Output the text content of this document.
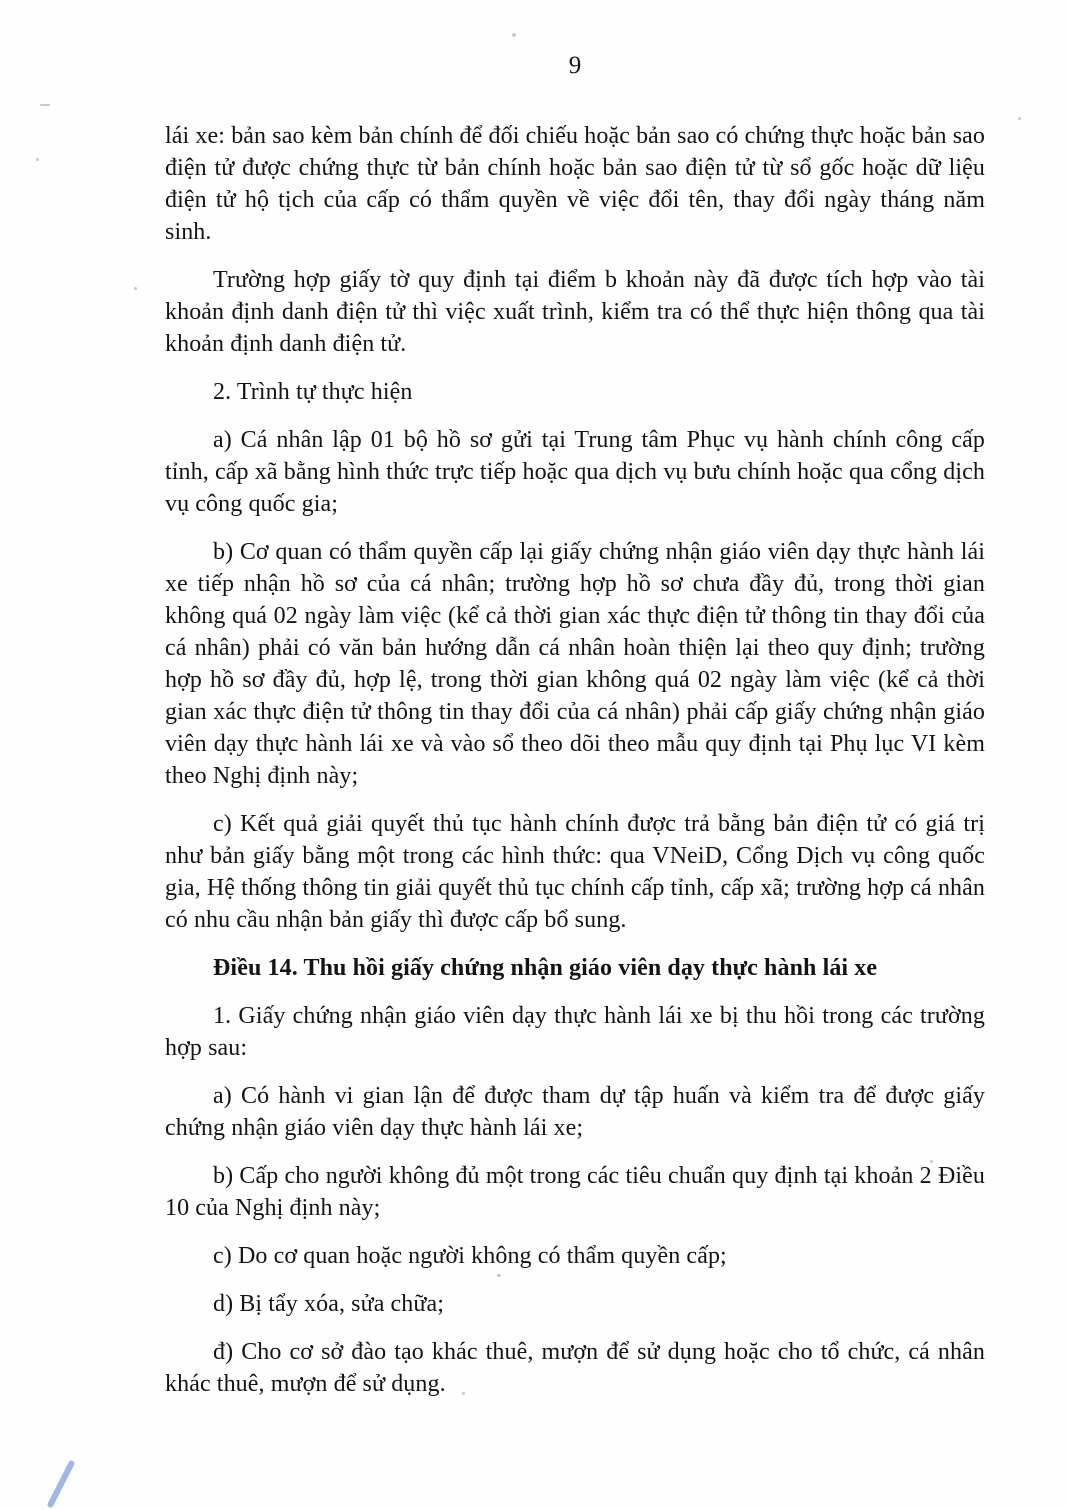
9

lái xe: bản sao kèm bản chính để đối chiếu hoặc bản sao có chứng thực hoặc bản sao điện tử được chứng thực từ bản chính hoặc bản sao điện tử từ sổ gốc hoặc dữ liệu điện tử hộ tịch của cấp có thẩm quyền về việc đổi tên, thay đổi ngày tháng năm sinh.

Trường hợp giấy tờ quy định tại điểm b khoản này đã được tích hợp vào tài khoản định danh điện tử thì việc xuất trình, kiểm tra có thể thực hiện thông qua tài khoản định danh điện tử.

2. Trình tự thực hiện

a) Cá nhân lập 01 bộ hồ sơ gửi tại Trung tâm Phục vụ hành chính công cấp tỉnh, cấp xã bằng hình thức trực tiếp hoặc qua dịch vụ bưu chính hoặc qua cổng dịch vụ công quốc gia;

b) Cơ quan có thẩm quyền cấp lại giấy chứng nhận giáo viên dạy thực hành lái xe tiếp nhận hồ sơ của cá nhân; trường hợp hồ sơ chưa đầy đủ, trong thời gian không quá 02 ngày làm việc (kể cả thời gian xác thực điện tử thông tin thay đổi của cá nhân) phải có văn bản hướng dẫn cá nhân hoàn thiện lại theo quy định; trường hợp hồ sơ đầy đủ, hợp lệ, trong thời gian không quá 02 ngày làm việc (kể cả thời gian xác thực điện tử thông tin thay đổi của cá nhân) phải cấp giấy chứng nhận giáo viên dạy thực hành lái xe và vào sổ theo dõi theo mẫu quy định tại Phụ lục VI kèm theo Nghị định này;

c) Kết quả giải quyết thủ tục hành chính được trả bằng bản điện tử có giá trị như bản giấy bằng một trong các hình thức: qua VNeiD, Cổng Dịch vụ công quốc gia, Hệ thống thông tin giải quyết thủ tục chính cấp tỉnh, cấp xã; trường hợp cá nhân có nhu cầu nhận bản giấy thì được cấp bổ sung.

Điều 14. Thu hồi giấy chứng nhận giáo viên dạy thực hành lái xe

1. Giấy chứng nhận giáo viên dạy thực hành lái xe bị thu hồi trong các trường hợp sau:

a) Có hành vi gian lận để được tham dự tập huấn và kiểm tra để được giấy chứng nhận giáo viên dạy thực hành lái xe;

b) Cấp cho người không đủ một trong các tiêu chuẩn quy định tại khoản 2 Điều 10 của Nghị định này;

c) Do cơ quan hoặc người không có thẩm quyền cấp;

d) Bị tẩy xóa, sửa chữa;

đ) Cho cơ sở đào tạo khác thuê, mượn để sử dụng hoặc cho tổ chức, cá nhân khác thuê, mượn để sử dụng.
